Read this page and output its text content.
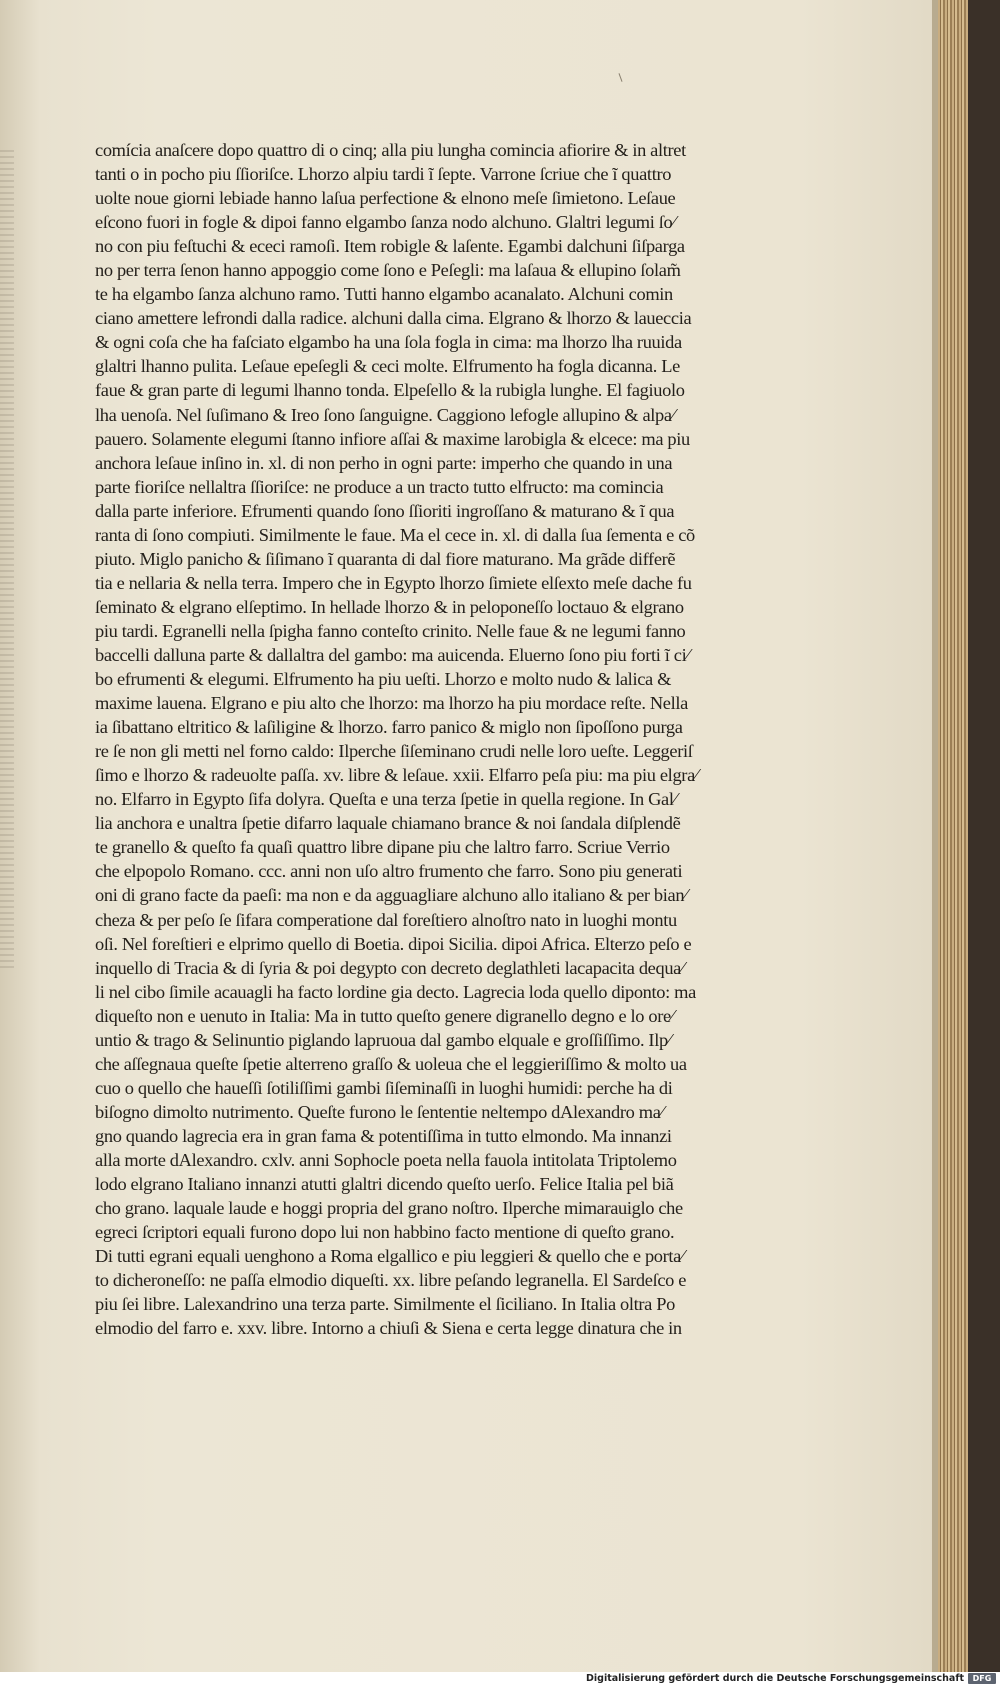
comícia anaſcere dopo quattro di o cinq; alla piu lungha comincia afiorire & in altret
tanti o in pocho piu ſſioriſce. Lhorzo alpiu tardi ĩ ſepte. Varrone ſcriue che ĩ quattro
uolte noue giorni lebiade hanno laſua perfectione & elnono meſe ſimietono. Leſaue
eſcono fuori in fogle & dipoi fanno elgambo ſanza nodo alchuno. Glaltri legumi ſo⁄
no con piu feſtuchi & ececi ramoſi. Item robigle & laſente. Egambi dalchuni ſiſparga
no per terra ſenon hanno appoggio come ſono e Peſegli: ma laſaua & ellupino ſolam̃
te ha elgambo ſanza alchuno ramo. Tutti hanno elgambo acanalato. Alchuni comin
ciano amettere lefrondi dalla radice. alchuni dalla cima. Elgrano & lhorzo & laueccia
& ogni coſa che ha faſciato elgambo ha una ſola fogla in cima: ma lhorzo lha ruuida
glaltri lhanno pulita. Leſaue epeſegli & ceci molte. Elfrumento ha fogla dicanna. Le
faue & gran parte di legumi lhanno tonda. Elpeſello & la rubigla lunghe. El fagiuolo
lha uenoſa. Nel ſuſimano & Ireo ſono ſanguigne. Caggiono lefogle allupino & alpa⁄
pauero. Solamente elegumi ſtanno infiore aſſai & maxime larobigla & elcece: ma piu
anchora leſaue inſino in. xl. di non perho in ogni parte: imperho che quando in una
parte fioriſce nellaltra ſſioriſce: ne produce a un tracto tutto elfructo: ma comincia
dalla parte inferiore. Efrumenti quando ſono ſſioriti ingroſſano & maturano & ĩ qua
ranta di ſono compiuti. Similmente le faue. Ma el cece in. xl. di dalla ſua ſementa e cõ
piuto. Miglo panicho & ſiſimano ĩ quaranta di dal fiore maturano. Ma grãde differẽ
tia e nellaria & nella terra. Impero che in Egypto lhorzo ſimiete elſexto meſe dache fu
ſeminato & elgrano elſeptimo. In hellade lhorzo & in peloponeſſo loctauo & elgrano
piu tardi. Egranelli nella ſpigha fanno conteſto crinito. Nelle faue & ne legumi fanno
baccelli dalluna parte & dallaltra del gambo: ma auicenda. Eluerno ſono piu forti ĩ ci⁄
bo efrumenti & elegumi. Elfrumento ha piu ueſti. Lhorzo e molto nudo & lalica &
maxime lauena. Elgrano e piu alto che lhorzo: ma lhorzo ha piu mordace reſte. Nella
ia ſibattano eltritico & laſiligine & lhorzo. farro panico & miglo non ſipoſſono purga
re ſe non gli metti nel forno caldo: Ilperche ſiſeminano crudi nelle loro ueſte. Leggeriſ
ſimo e lhorzo & radeuolte paſſa. xv. libre & leſaue. xxii. Elfarro peſa piu: ma piu elgra⁄
no. Elfarro in Egypto ſifa dolyra. Queſta e una terza ſpetie in quella regione. In Gal⁄
lia anchora e unaltra ſpetie difarro laquale chiamano brance & noi ſandala diſplendẽ
te granello & queſto fa quaſi quattro libre dipane piu che laltro farro. Scriue Verrio
che elpopolo Romano. ccc. anni non uſo altro frumento che farro. Sono piu generati
oni di grano facte da paeſi: ma non e da agguagliare alchuno allo italiano & per bian⁄
cheza & per peſo ſe ſifara comperatione dal foreſtiero alnoſtro nato in luoghi montu
oſi. Nel foreſtieri e elprimo quello di Boetia. dipoi Sicilia. dipoi Africa. Elterzo peſo e
inquello di Tracia & di ſyria & poi degypto con decreto deglathleti lacapacita dequa⁄
li nel cibo ſimile acauagli ha facto lordine gia decto. Lagrecia loda quello diponto: ma
diqueſto non e uenuto in Italia: Ma in tutto queſto genere digranello degno e lo ore⁄
untio & trago & Selinuntio piglando lapruoua dal gambo elquale e groſſiſſimo. Ilp⁄
che aſſegnaua queſte ſpetie alterreno graſſo & uoleua che el leggieriſſimo & molto ua
cuo o quello che haueſſi ſotiliſſimi gambi ſiſeminaſſi in luoghi humidi: perche ha di
biſogno dimolto nutrimento. Queſte furono le ſententie neltempo dAlexandro ma⁄
gno quando lagrecia era in gran fama & potentiſſima in tutto elmondo. Ma innanzi
alla morte dAlexandro. cxlv. anni Sophocle poeta nella fauola intitolata Triptolemo
lodo elgrano Italiano innanzi atutti glaltri dicendo queſto uerſo. Felice Italia pel biã
cho grano. laquale laude e hoggi propria del grano noſtro. Ilperche mimarauiglo che
egreci ſcriptori equali furono dopo lui non habbino facto mentione di queſto grano.
Di tutti egrani equali uenghono a Roma elgallico e piu leggieri & quello che e porta⁄
to dicheroneſſo: ne paſſa elmodio diqueſti. xx. libre peſando legranella. El Sardeſco e
piu ſei libre. Lalexandrino una terza parte. Similmente el ſiciliano. In Italia oltra Po
elmodio del farro e. xxv. libre. Intorno a chiuſi & Siena e certa legge dinatura che in
Digitalisierung gefördert durch die Deutsche Forschungsgemeinschaft	DFG
